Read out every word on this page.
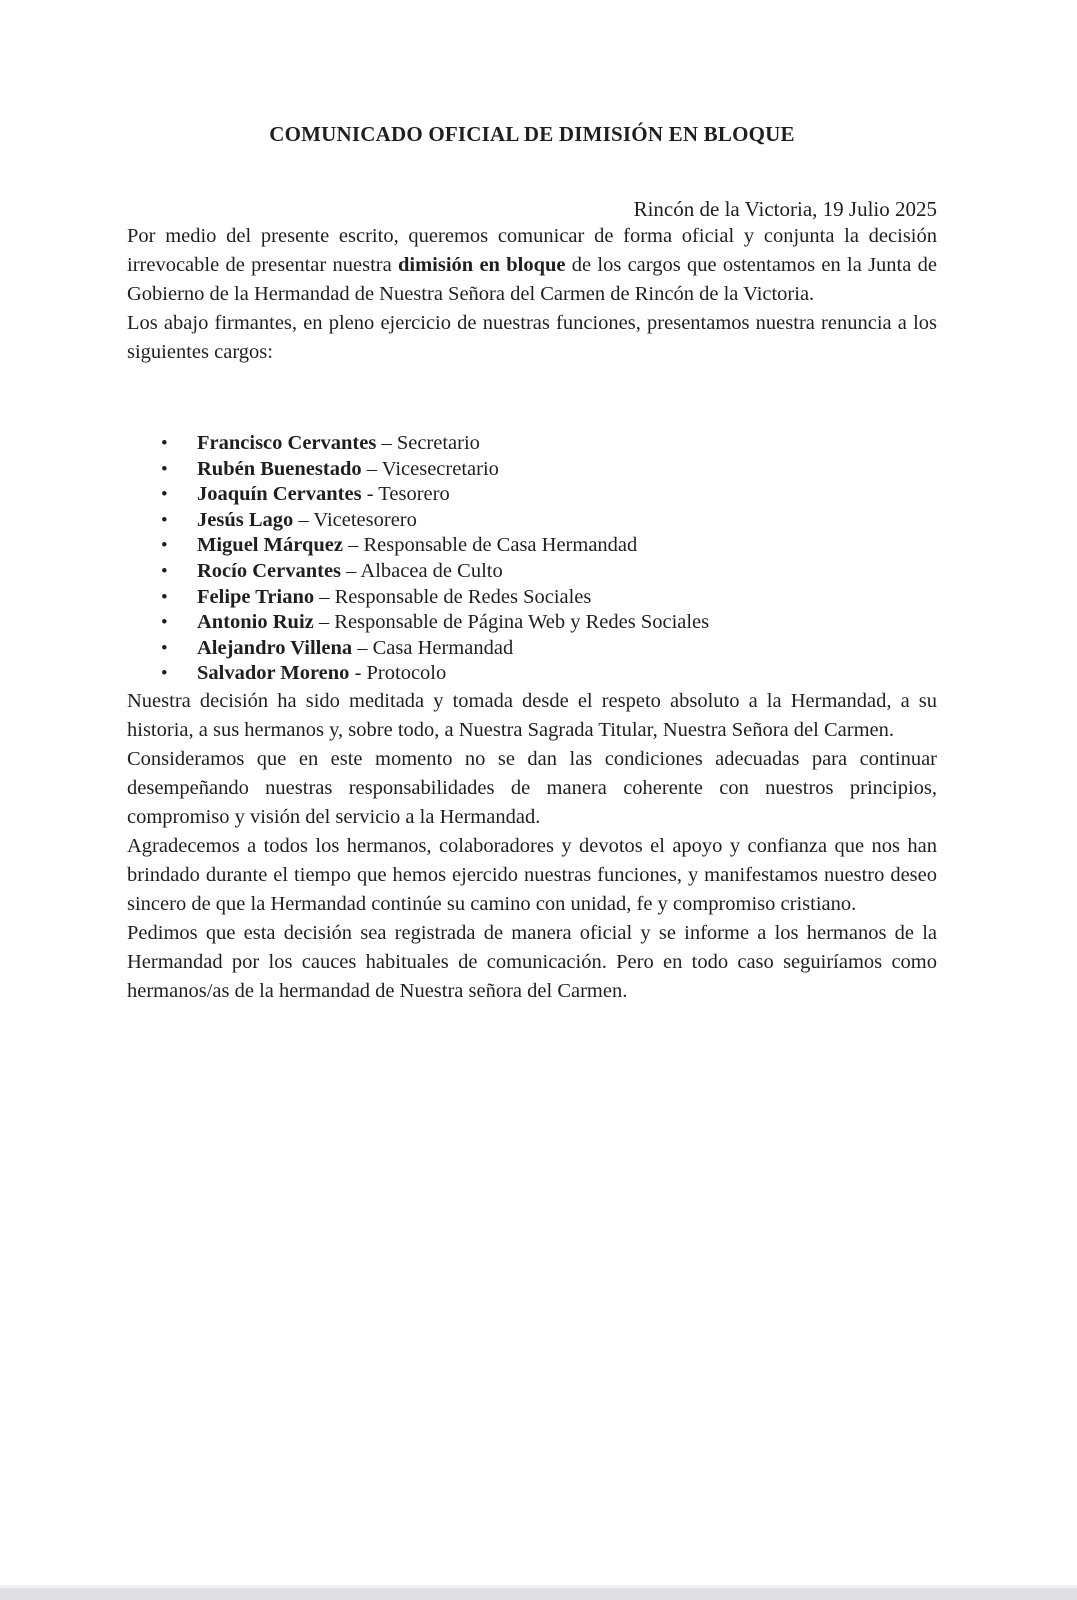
COMUNICADO OFICIAL DE DIMISIÓN EN BLOQUE
Rincón de la Victoria, 19 Julio 2025

Por medio del presente escrito, queremos comunicar de forma oficial y conjunta la decisión irrevocable de presentar nuestra dimisión en bloque de los cargos que ostentamos en la Junta de Gobierno de la Hermandad de Nuestra Señora del Carmen de Rincón de la Victoria.

Los abajo firmantes, en pleno ejercicio de nuestras funciones, presentamos nuestra renuncia a los siguientes cargos:

• Francisco Cervantes – Secretario
• Rubén Buenestado – Vicesecretario
• Joaquín Cervantes - Tesorero
• Jesús Lago – Vicetesorero
• Miguel Márquez – Responsable de Casa Hermandad
• Rocío Cervantes – Albacea de Culto
• Felipe Triano – Responsable de Redes Sociales
• Antonio Ruiz – Responsable de Página Web y Redes Sociales
• Alejandro Villena – Casa Hermandad
• Salvador Moreno - Protocolo

Nuestra decisión ha sido meditada y tomada desde el respeto absoluto a la Hermandad, a su historia, a sus hermanos y, sobre todo, a Nuestra Sagrada Titular, Nuestra Señora del Carmen.

Consideramos que en este momento no se dan las condiciones adecuadas para continuar desempeñando nuestras responsabilidades de manera coherente con nuestros principios, compromiso y visión del servicio a la Hermandad.

Agradecemos a todos los hermanos, colaboradores y devotos el apoyo y confianza que nos han brindado durante el tiempo que hemos ejercido nuestras funciones, y manifestamos nuestro deseo sincero de que la Hermandad continúe su camino con unidad, fe y compromiso cristiano.

Pedimos que esta decisión sea registrada de manera oficial y se informe a los hermanos de la Hermandad por los cauces habituales de comunicación. Pero en todo caso seguiríamos como hermanos/as de la hermandad de Nuestra señora del Carmen.
